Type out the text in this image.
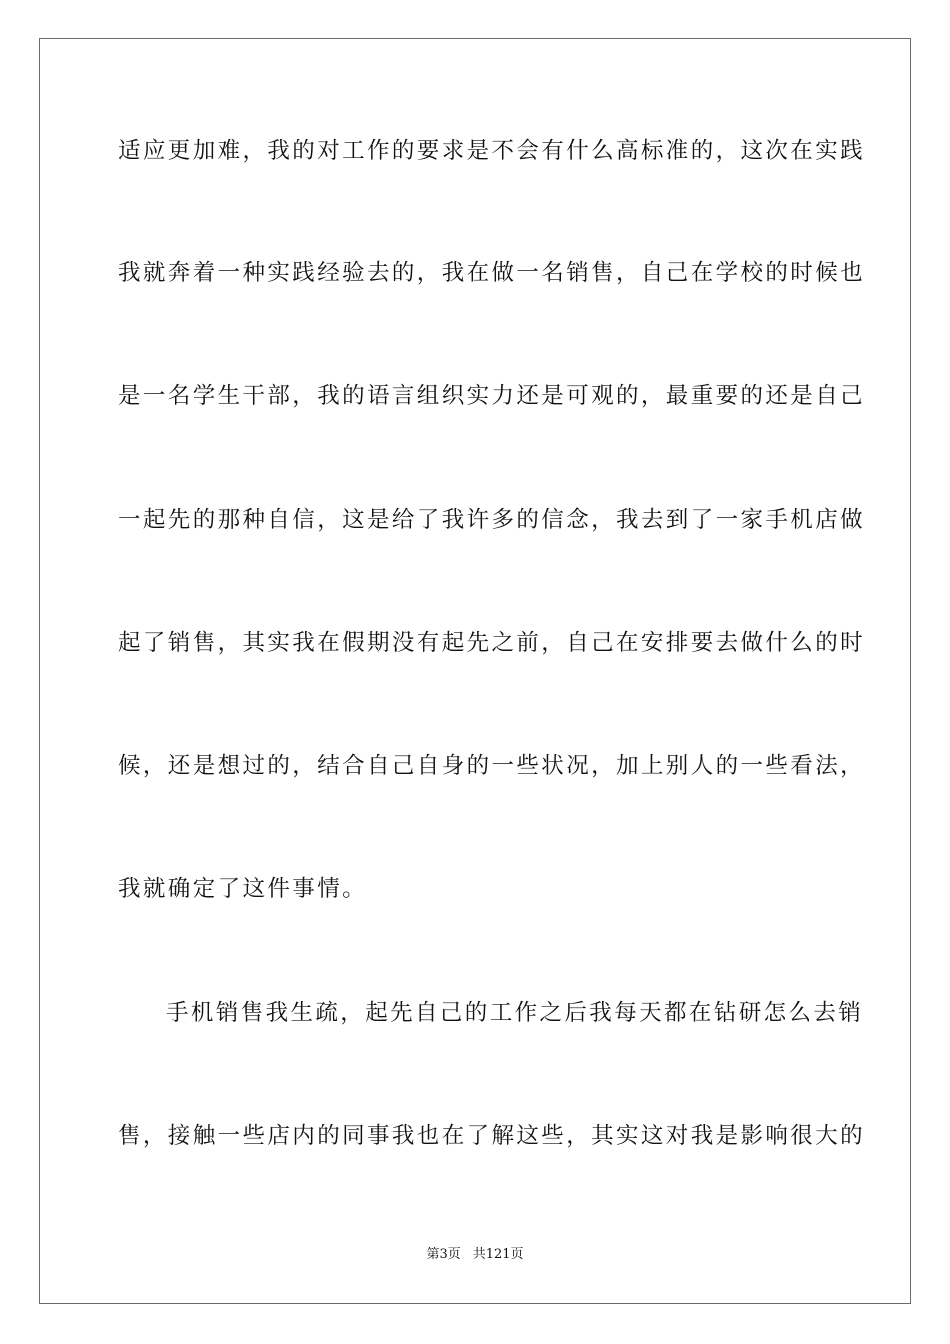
适应更加难，我的对工作的要求是不会有什么高标准的，这次在实践
我就奔着一种实践经验去的，我在做一名销售，自己在学校的时候也
是一名学生干部，我的语言组织实力还是可观的，最重要的还是自己
一起先的那种自信，这是给了我许多的信念，我去到了一家手机店做
起了销售，其实我在假期没有起先之前，自己在安排要去做什么的时
候，还是想过的，结合自己自身的一些状况，加上别人的一些看法，
我就确定了这件事情。
手机销售我生疏，起先自己的工作之后我每天都在钻研怎么去销
售，接触一些店内的同事我也在了解这些，其实这对我是影响很大的
第3页 共121页
